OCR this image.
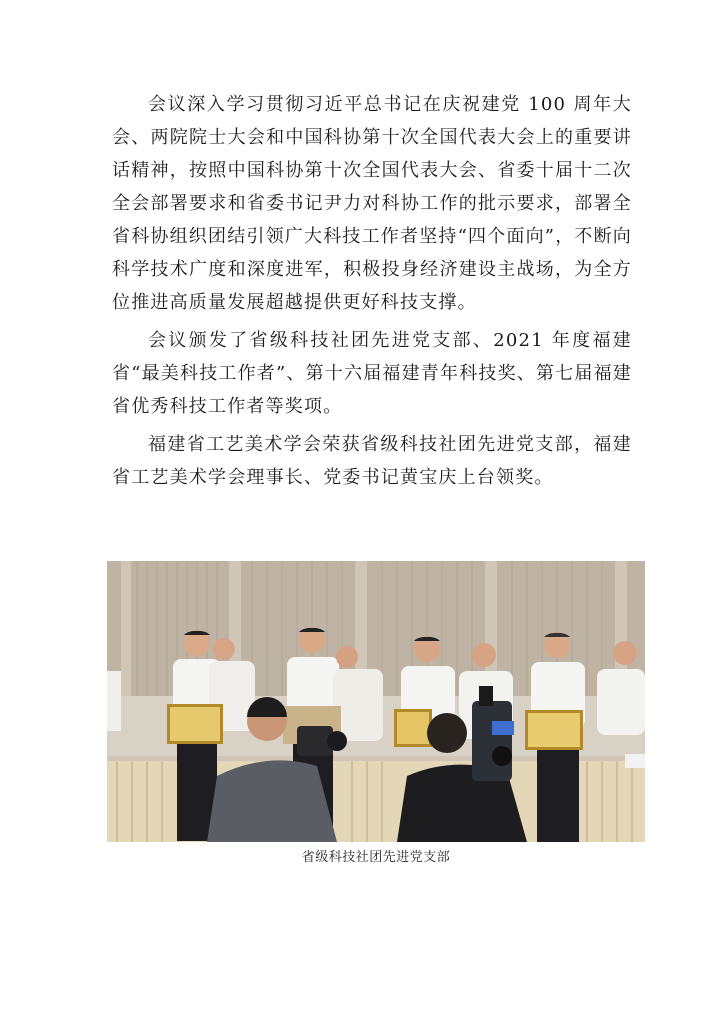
会议深入学习贯彻习近平总书记在庆祝建党 100 周年大会、两院院士大会和中国科协第十次全国代表大会上的重要讲话精神，按照中国科协第十次全国代表大会、省委十届十二次全会部署要求和省委书记尹力对科协工作的批示要求，部署全省科协组织团结引领广大科技工作者坚持“四个面向”，不断向科学技术广度和深度进军，积极投身经济建设主战场，为全方位推进高质量发展超越提供更好科技支撑。

会议颁发了省级科技社团先进党支部、2021 年度福建省“最美科技工作者”、第十六届福建青年科技奖、第七届福建省优秀科技工作者等奖项。

福建省工艺美术学会荣获省级科技社团先进党支部，福建省工艺美术学会理事长、党委书记黄宝庆上台领奖。

省级科技社团先进党支部
